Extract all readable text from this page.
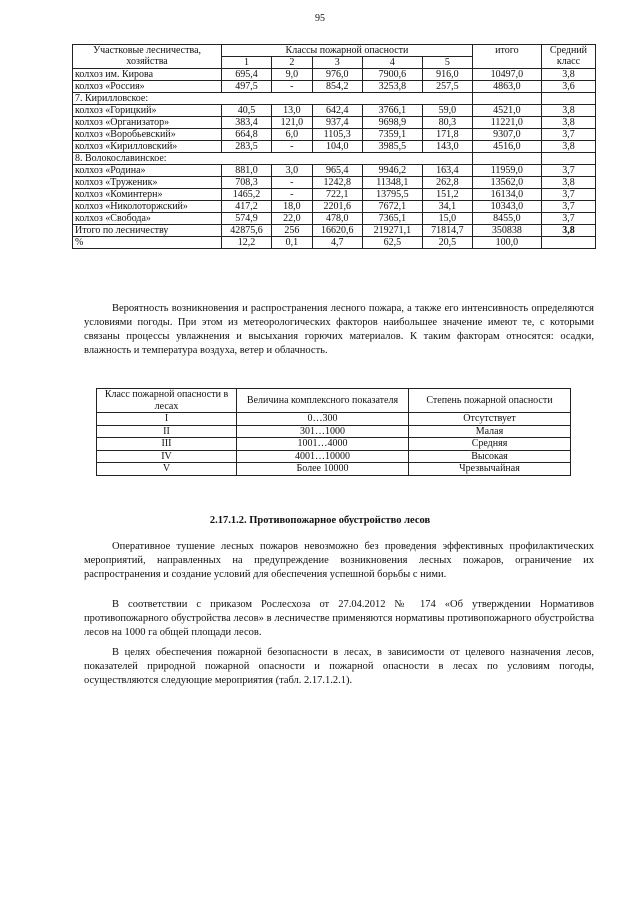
95
Участковые лесничества, хозяйства	Классы пожарной опасности					итого	Средний класс
	1	2	3	4	5		
колхоз им. Кирова	695,4	9,0	976,0	7900,6	916,0	10497,0	3,8
колхоз «Россия»	497,5	-	854,2	3253,8	257,5	4863,0	3,6
7. Кирилловское:							
колхоз «Горицкий»	40,5	13,0	642,4	3766,1	59,0	4521,0	3,8
колхоз «Организатор»	383,4	121,0	937,4	9698,9	80,3	11221,0	3,8
колхоз «Воробьевский»	664,8	6,0	1105,3	7359,1	171,8	9307,0	3,7
колхоз «Кирилловский»	283,5	-	104,0	3985,5	143,0	4516,0	3,8
8. Волокославинское:							
колхоз «Родина»	881,0	3,0	965,4	9946,2	163,4	11959,0	3,7
колхоз «Труженик»	708,3	-	1242,8	11348,1	262,8	13562,0	3,8
колхоз «Коминтерн»	1465,2	-	722,1	13795,5	151,2	16134,0	3,7
колхоз «Николоторжский»	417,2	18,0	2201,6	7672,1	34,1	10343,0	3,7
колхоз «Свобода»	574,9	22,0	478,0	7365,1	15,0	8455,0	3,7
Итого по лесничеству	42875,6	256	16620,6	219271,1	71814,7	350838	3,8
%	12,2	0,1	4,7	62,5	20,5	100,0	

Вероятность возникновения и распространения лесного пожара, а также его интенсивность определяются условиями погоды. При этом из метеорологических факторов наибольшее значение имеют те, с которыми связаны процессы увлажнения и высыхания горючих материалов. К таким факторам относятся: осадки, влажность и температура воздуха, ветер и облачность.

Класс пожарной опасности в лесах	Величина комплексного показателя	Степень пожарной опасности
I	0…300	Отсутствует
II	301…1000	Малая
III	1001…4000	Средняя
IV	4001…10000	Высокая
V	Более 10000	Чрезвычайная
2.17.1.2. Противопожарное обустройство лесов

Оперативное тушение лесных пожаров невозможно без проведения эффективных профилактических мероприятий, направленных на предупреждение возникновения лесных пожаров, ограничение их распространения и создание условий для обеспечения успешной борьбы с ними.

В соответствии с приказом Рослесхоза от 27.04.2012 № 174 «Об утверждении Нормативов противопожарного обустройства лесов» в лесничестве применяются нормативы противопожарного обустройства лесов на 1000 га общей площади лесов.

В целях обеспечения пожарной безопасности в лесах, в зависимости от целевого назначения лесов, показателей природной пожарной опасности и пожарной опасности в лесах по условиям погоды, осуществляются следующие мероприятия (табл. 2.17.1.2.1).
